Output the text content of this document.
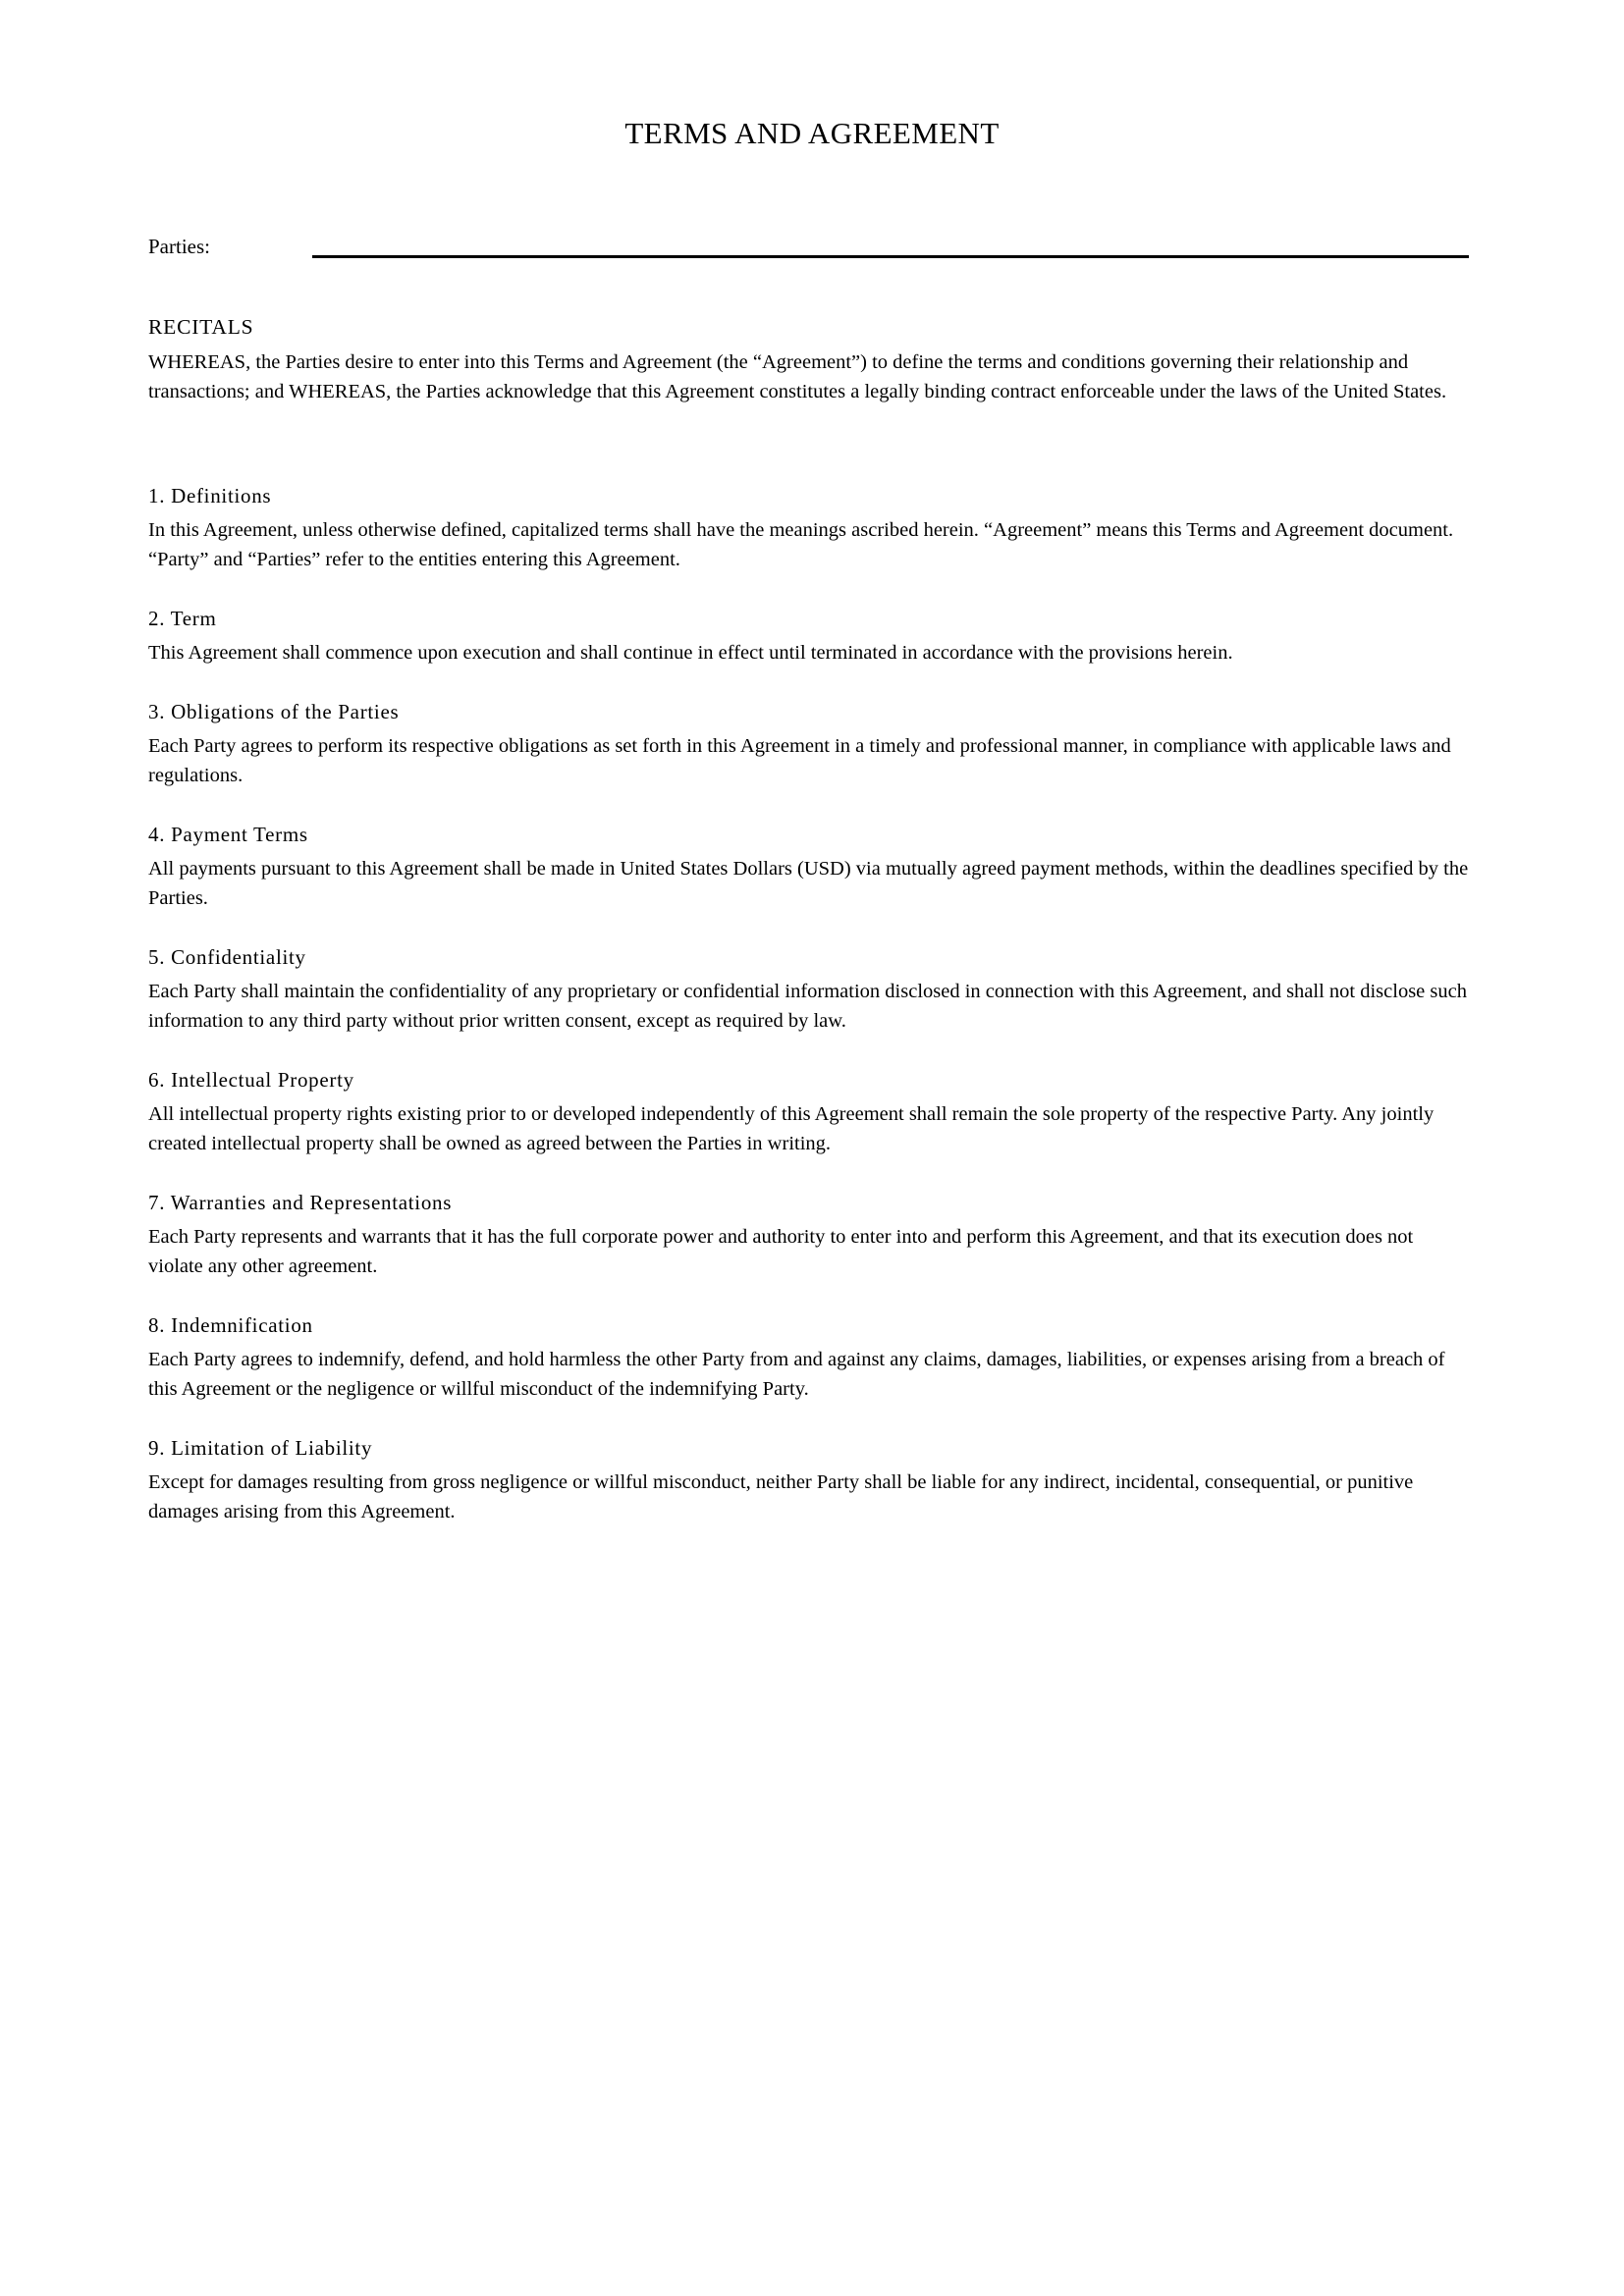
TERMS AND AGREEMENT
Parties:
RECITALS

WHEREAS, the Parties desire to enter into this Terms and Agreement (the “Agreement”) to define the terms and conditions governing their relationship and transactions; and WHEREAS, the Parties acknowledge that this Agreement constitutes a legally binding contract enforceable under the laws of the United States.

1. Definitions

In this Agreement, unless otherwise defined, capitalized terms shall have the meanings ascribed herein. “Agreement” means this Terms and Agreement document. “Party” and “Parties” refer to the entities entering this Agreement.

2. Term

This Agreement shall commence upon execution and shall continue in effect until terminated in accordance with the provisions herein.

3. Obligations of the Parties

Each Party agrees to perform its respective obligations as set forth in this Agreement in a timely and professional manner, in compliance with applicable laws and regulations.

4. Payment Terms

All payments pursuant to this Agreement shall be made in United States Dollars (USD) via mutually agreed payment methods, within the deadlines specified by the Parties.

5. Confidentiality

Each Party shall maintain the confidentiality of any proprietary or confidential information disclosed in connection with this Agreement, and shall not disclose such information to any third party without prior written consent, except as required by law.

6. Intellectual Property

All intellectual property rights existing prior to or developed independently of this Agreement shall remain the sole property of the respective Party. Any jointly created intellectual property shall be owned as agreed between the Parties in writing.

7. Warranties and Representations

Each Party represents and warrants that it has the full corporate power and authority to enter into and perform this Agreement, and that its execution does not violate any other agreement.

8. Indemnification

Each Party agrees to indemnify, defend, and hold harmless the other Party from and against any claims, damages, liabilities, or expenses arising from a breach of this Agreement or the negligence or willful misconduct of the indemnifying Party.

9. Limitation of Liability

Except for damages resulting from gross negligence or willful misconduct, neither Party shall be liable for any indirect, incidental, consequential, or punitive damages arising from this Agreement.
